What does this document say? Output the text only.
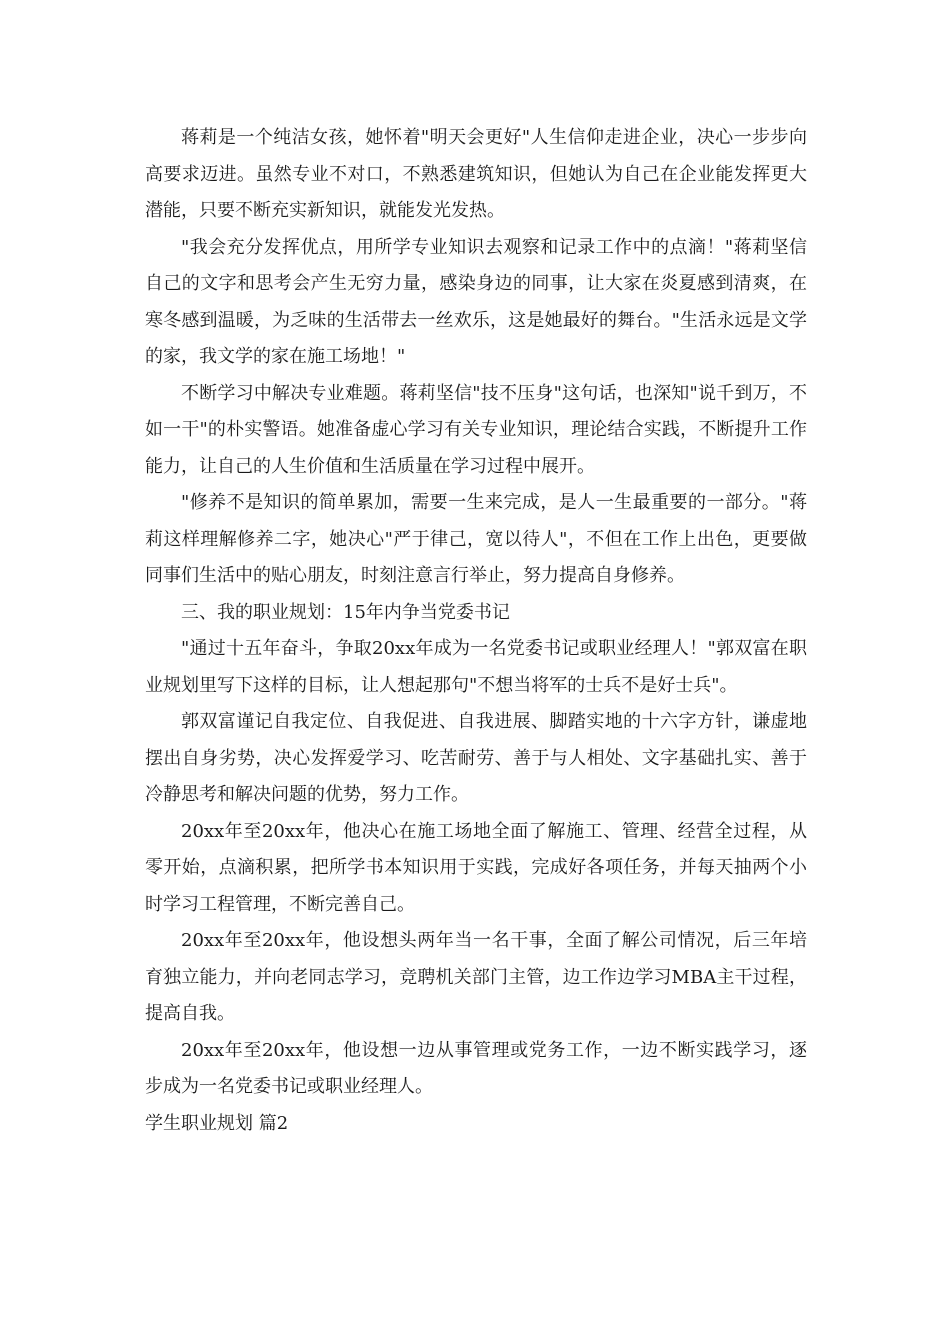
蒋莉是一个纯洁女孩，她怀着"明天会更好"人生信仰走进企业，决心一步步向高要求迈进。虽然专业不对口，不熟悉建筑知识，但她认为自己在企业能发挥更大潜能，只要不断充实新知识，就能发光发热。

"我会充分发挥优点，用所学专业知识去观察和记录工作中的点滴！"蒋莉坚信自己的文字和思考会产生无穷力量，感染身边的同事，让大家在炎夏感到清爽，在寒冬感到温暖，为乏味的生活带去一丝欢乐，这是她最好的舞台。"生活永远是文学的家，我文学的家在施工场地！"

不断学习中解决专业难题。蒋莉坚信"技不压身"这句话，也深知"说千到万，不如一干"的朴实警语。她准备虚心学习有关专业知识，理论结合实践，不断提升工作能力，让自己的人生价值和生活质量在学习过程中展开。

"修养不是知识的简单累加，需要一生来完成，是人一生最重要的一部分。"蒋莉这样理解修养二字，她决心"严于律己，宽以待人"，不但在工作上出色，更要做同事们生活中的贴心朋友，时刻注意言行举止，努力提高自身修养。

三、我的职业规划：15年内争当党委书记

"通过十五年奋斗，争取20xx年成为一名党委书记或职业经理人！"郭双富在职业规划里写下这样的目标，让人想起那句"不想当将军的士兵不是好士兵"。

郭双富谨记自我定位、自我促进、自我进展、脚踏实地的十六字方针，谦虚地摆出自身劣势，决心发挥爱学习、吃苦耐劳、善于与人相处、文字基础扎实、善于冷静思考和解决问题的优势，努力工作。

20xx年至20xx年，他决心在施工场地全面了解施工、管理、经营全过程，从零开始，点滴积累，把所学书本知识用于实践，完成好各项任务，并每天抽两个小时学习工程管理，不断完善自己。

20xx年至20xx年，他设想头两年当一名干事，全面了解公司情况，后三年培育独立能力，并向老同志学习，竞聘机关部门主管，边工作边学习MBA主干过程，提高自我。

20xx年至20xx年，他设想一边从事管理或党务工作，一边不断实践学习，逐步成为一名党委书记或职业经理人。

学生职业规划 篇2
